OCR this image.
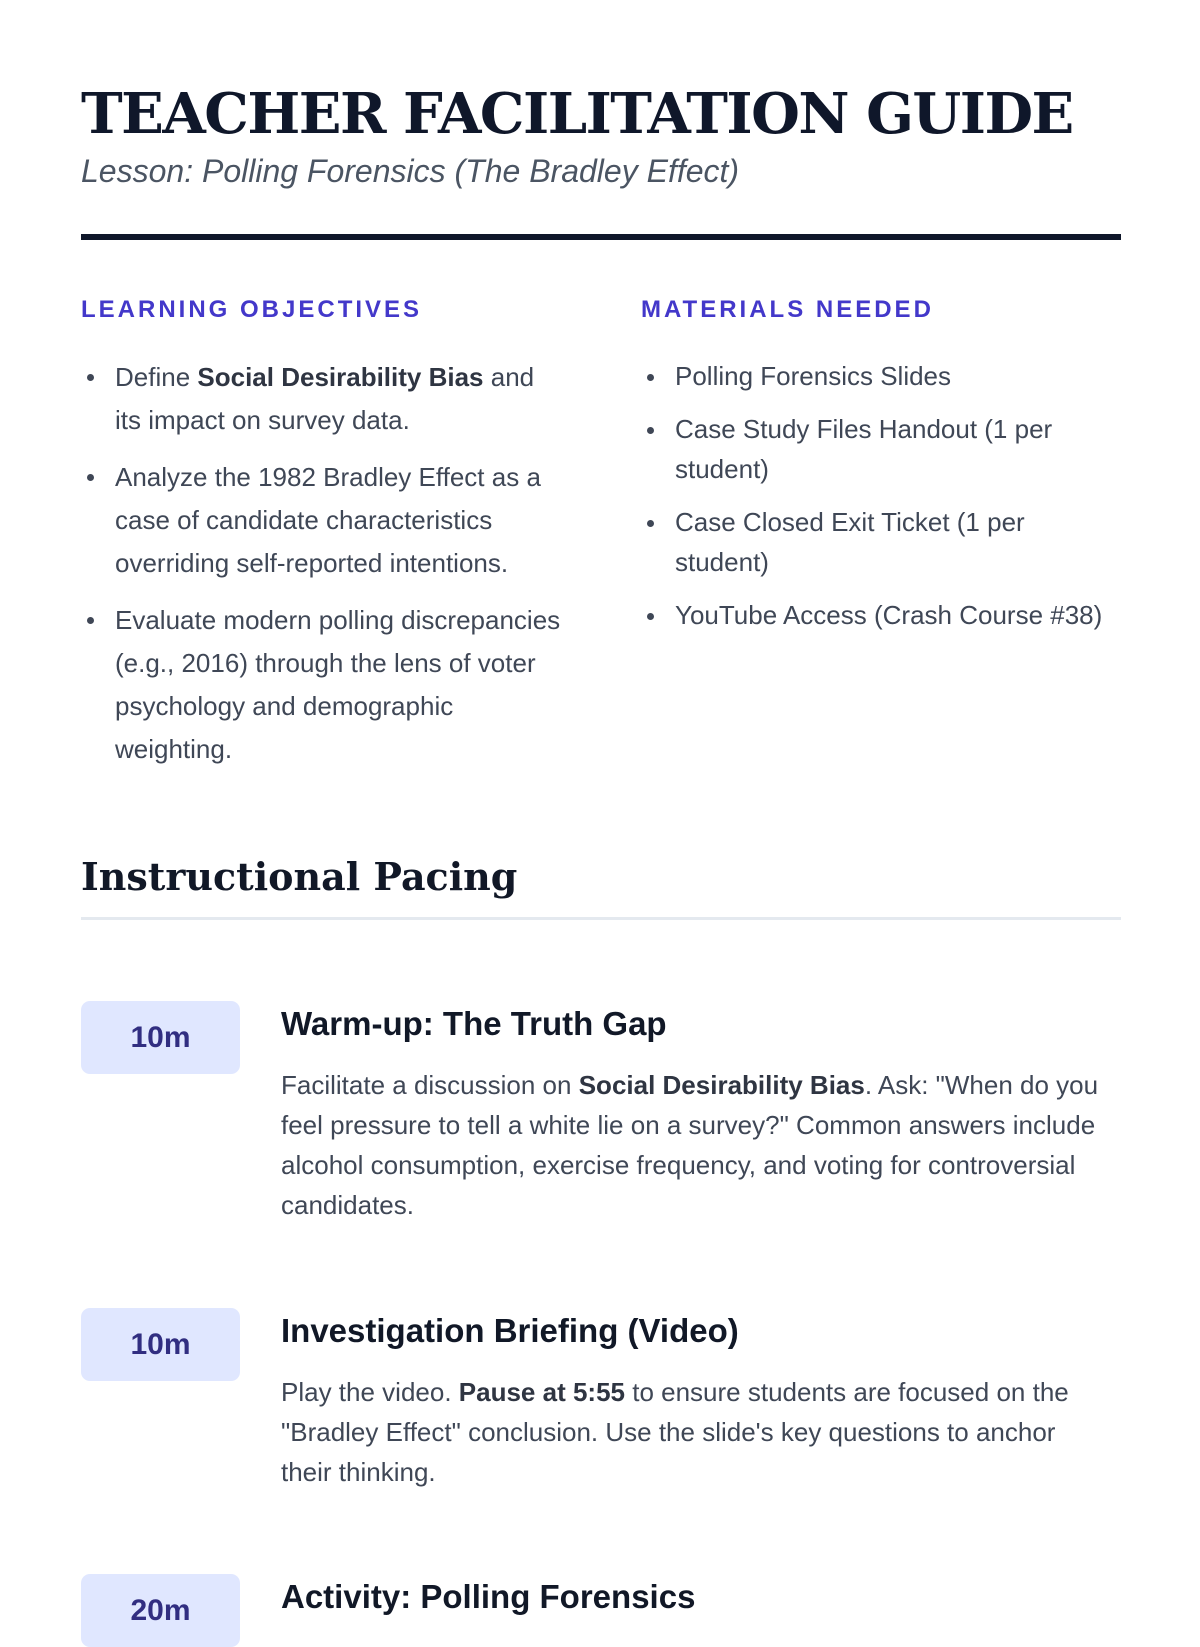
TEACHER FACILITATION GUIDE

Lesson: Polling Forensics (The Bradley Effect)

LEARNING OBJECTIVES
Define Social Desirability Bias and its impact on survey data.
Analyze the 1982 Bradley Effect as a case of candidate characteristics overriding self-reported intentions.
Evaluate modern polling discrepancies (e.g., 2016) through the lens of voter psychology and demographic weighting.
MATERIALS NEEDED
Polling Forensics Slides
Case Study Files Handout (1 per student)
Case Closed Exit Ticket (1 per student)
YouTube Access (Crash Course #38)
Instructional Pacing
10m	Warm-up: The Truth Gap

Facilitate a discussion on Social Desirability Bias. Ask: "When do you feel pressure to tell a white lie on a survey?" Common answers include alcohol consumption, exercise frequency, and voting for controversial candidates.

10m	Investigation Briefing (Video)

Play the video. Pause at 5:55 to ensure students are focused on the "Bradley Effect" conclusion. Use the slide's key questions to anchor their thinking.

20m	Activity: Polling Forensics
